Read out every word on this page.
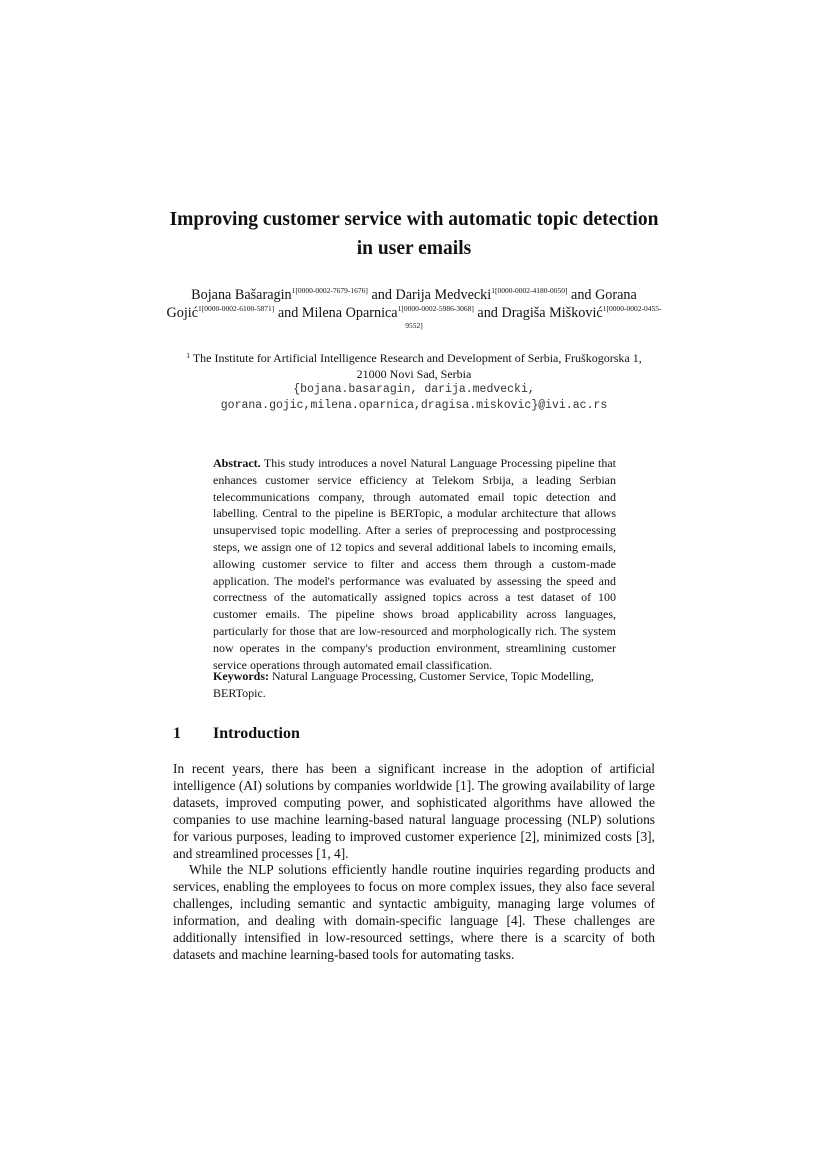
Improving customer service with automatic topic detection in user emails
Bojana Bašaragin$^{1[0000-0002-7679-1676]}$ and Darija Medvecki$^{1[0000-0002-4180-0050]}$ and Gorana Gojić$^{1[0000-0002-6100-5871]}$ and Milena Oparnica$^{1[0000-0002-5986-3068]}$ and Dragiša Mišković$^{1[0000-0002-0455-9552]}$
$^1$ The Institute for Artificial Intelligence Research and Development of Serbia, Fruškogorska 1,
21000 Novi Sad, Serbia
{bojana.basaragin, darija.medvecki,
gorana.gojic,milena.oparnica,dragisa.miskovic}@ivi.ac.rs
Abstract. This study introduces a novel Natural Language Processing pipeline that enhances customer service efficiency at Telekom Srbija, a leading Serbian telecommunications company, through automated email topic detection and labelling. Central to the pipeline is BERTopic, a modular architecture that allows unsupervised topic modelling. After a series of preprocessing and postprocessing steps, we assign one of 12 topics and several additional labels to incoming emails, allowing customer service to filter and access them through a custom-made application. The model's performance was evaluated by assessing the speed and correctness of the automatically assigned topics across a test dataset of 100 customer emails. The pipeline shows broad applicability across languages, particularly for those that are low-resourced and morphologically rich. The system now operates in the company's production environment, streamlining customer service operations through automated email classification.
Keywords: Natural Language Processing, Customer Service, Topic Modelling, BERTopic.
1 Introduction

In recent years, there has been a significant increase in the adoption of artificial intelligence (AI) solutions by companies worldwide [1]. The growing availability of large datasets, improved computing power, and sophisticated algorithms have allowed the companies to use machine learning-based natural language processing (NLP) solutions for various purposes, leading to improved customer experience [2], minimized costs [3], and streamlined processes [1, 4].

While the NLP solutions efficiently handle routine inquiries regarding products and services, enabling the employees to focus on more complex issues, they also face several challenges, including semantic and syntactic ambiguity, managing large volumes of information, and dealing with domain-specific language [4]. These challenges are additionally intensified in low-resourced settings, where there is a scarcity of both datasets and machine learning-based tools for automating tasks.
